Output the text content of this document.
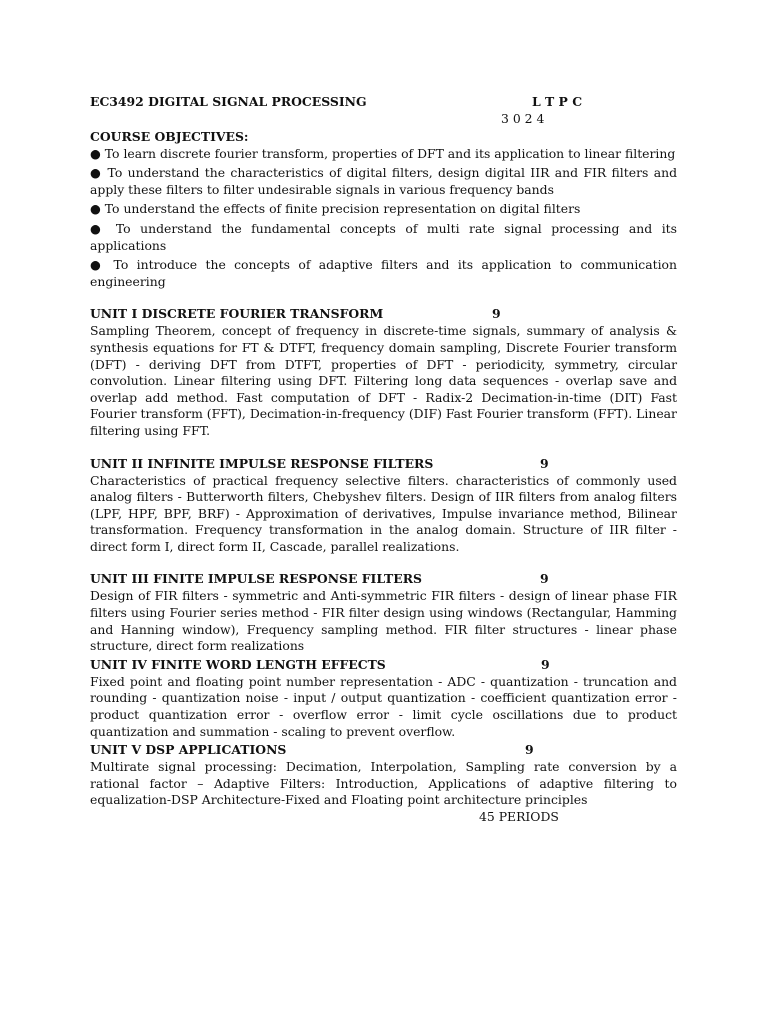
EC3492 DIGITAL SIGNAL PROCESSING	L T P C
3 0 2 4
COURSE OBJECTIVES:

● To learn discrete fourier transform, properties of DFT and its application to linear filtering

● To understand the characteristics of digital filters, design digital IIR and FIR filters and apply these filters to filter undesirable signals in various frequency bands

● To understand the effects of finite precision representation on digital filters

● To understand the fundamental concepts of multi rate signal processing and its applications

● To introduce the concepts of adaptive filters and its application to communication engineering

UNIT I DISCRETE FOURIER TRANSFORM	9

Sampling Theorem, concept of frequency in discrete-time signals, summary of analysis & synthesis equations for FT & DTFT, frequency domain sampling, Discrete Fourier transform (DFT) - deriving DFT from DTFT, properties of DFT - periodicity, symmetry, circular convolution. Linear filtering using DFT. Filtering long data sequences - overlap save and overlap add method. Fast computation of DFT - Radix-2 Decimation-in-time (DIT) Fast Fourier transform (FFT), Decimation-in-frequency (DIF) Fast Fourier transform (FFT). Linear filtering using FFT.

UNIT II INFINITE IMPULSE RESPONSE FILTERS	9

Characteristics of practical frequency selective filters. characteristics of commonly used analog filters - Butterworth filters, Chebyshev filters. Design of IIR filters from analog filters (LPF, HPF, BPF, BRF) - Approximation of derivatives, Impulse invariance method, Bilinear transformation. Frequency transformation in the analog domain. Structure of IIR filter - direct form I, direct form II, Cascade, parallel realizations.

UNIT III FINITE IMPULSE RESPONSE FILTERS	9

Design of FIR filters - symmetric and Anti-symmetric FIR filters - design of linear phase FIR filters using Fourier series method - FIR filter design using windows (Rectangular, Hamming and Hanning window), Frequency sampling method. FIR filter structures - linear phase structure, direct form realizations

UNIT IV FINITE WORD LENGTH EFFECTS	9

Fixed point and floating point number representation - ADC - quantization - truncation and rounding - quantization noise - input / output quantization - coefficient quantization error - product quantization error - overflow error - limit cycle oscillations due to product quantization and summation - scaling to prevent overflow.

UNIT V DSP APPLICATIONS	9

Multirate signal processing: Decimation, Interpolation, Sampling rate conversion by a rational factor – Adaptive Filters: Introduction, Applications of adaptive filtering to equalization-DSP Architecture-Fixed and Floating point architecture principles

45 PERIODS
